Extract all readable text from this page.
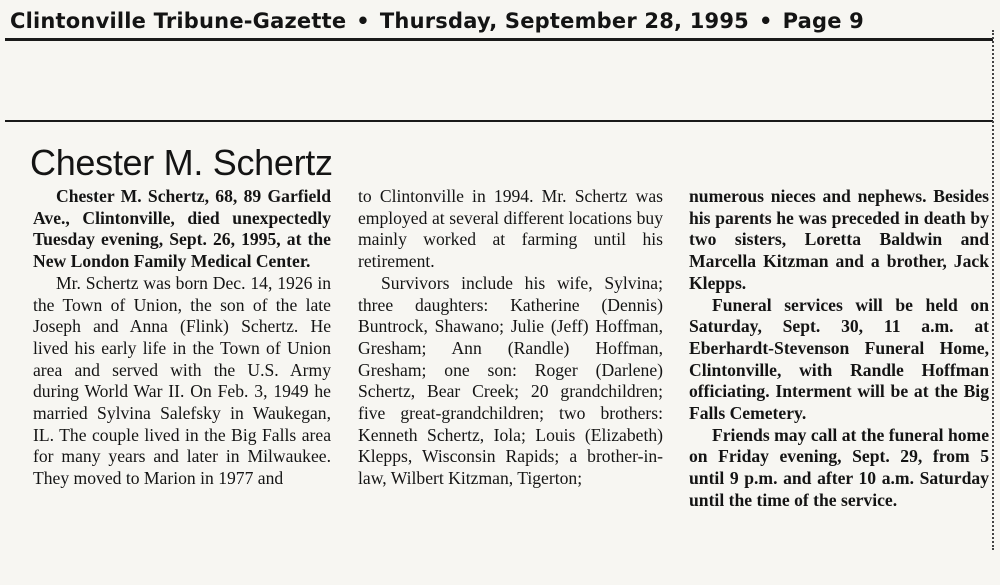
Clintonville Tribune-Gazette • Thursday, September 28, 1995 • Page 9
Chester M. Schertz

Chester M. Schertz, 68, 89 Garfield Ave., Clintonville, died unexpectedly Tuesday evening, Sept. 26, 1995, at the New London Family Medical Center.

Mr. Schertz was born Dec. 14, 1926 in the Town of Union, the son of the late Joseph and Anna (Flink) Schertz. He lived his early life in the Town of Union area and served with the U.S. Army during World War II. On Feb. 3, 1949 he married Sylvina Salefsky in Waukegan, IL. The couple lived in the Big Falls area for many years and later in Milwaukee. They moved to Marion in 1977 and

to Clintonville in 1994. Mr. Schertz was employed at several different locations buy mainly worked at farming until his retirement.

Survivors include his wife, Sylvina; three daughters: Katherine (Dennis) Buntrock, Shawano; Julie (Jeff) Hoffman, Gresham; Ann (Randle) Hoffman, Gresham; one son: Roger (Darlene) Schertz, Bear Creek; 20 grandchildren; five great-grandchildren; two brothers: Kenneth Schertz, Iola; Louis (Elizabeth) Klepps, Wisconsin Rapids; a brother-in-law, Wilbert Kitzman, Tigerton;

numerous nieces and nephews. Besides his parents he was preceded in death by two sisters, Loretta Baldwin and Marcella Kitzman and a brother, Jack Klepps.

Funeral services will be held on Saturday, Sept. 30, 11 a.m. at Eberhardt-Stevenson Funeral Home, Clintonville, with Randle Hoffman officiating. Interment will be at the Big Falls Cemetery.

Friends may call at the funeral home on Friday evening, Sept. 29, from 5 until 9 p.m. and after 10 a.m. Saturday until the time of the service.
